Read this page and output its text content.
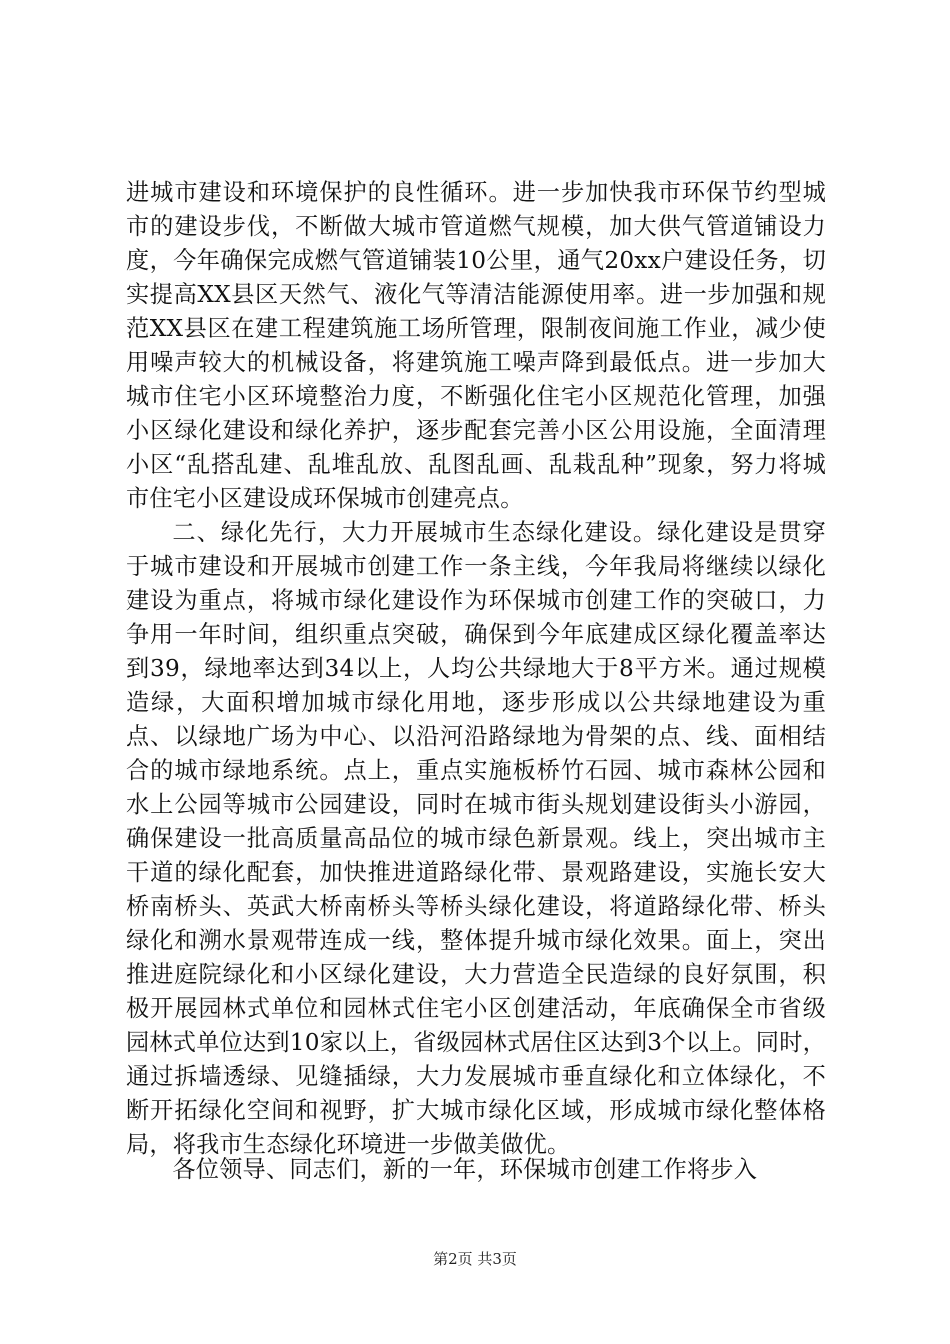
进城市建设和环境保护的良性循环。进一步加快我市环保节约型城市的建设步伐，不断做大城市管道燃气规模，加大供气管道铺设力度，今年确保完成燃气管道铺装10公里，通气20xx户建设任务，切实提高XX县区天然气、液化气等清洁能源使用率。进一步加强和规范XX县区在建工程建筑施工场所管理，限制夜间施工作业，减少使用噪声较大的机械设备，将建筑施工噪声降到最低点。进一步加大城市住宅小区环境整治力度，不断强化住宅小区规范化管理，加强小区绿化建设和绿化养护，逐步配套完善小区公用设施，全面清理小区“乱搭乱建、乱堆乱放、乱图乱画、乱栽乱种”现象，努力将城市住宅小区建设成环保城市创建亮点。

二、绿化先行，大力开展城市生态绿化建设。绿化建设是贯穿于城市建设和开展城市创建工作一条主线，今年我局将继续以绿化建设为重点，将城市绿化建设作为环保城市创建工作的突破口，力争用一年时间，组织重点突破，确保到今年底建成区绿化覆盖率达到39，绿地率达到34以上，人均公共绿地大于8平方米。通过规模造绿，大面积增加城市绿化用地，逐步形成以公共绿地建设为重点、以绿地广场为中心、以沿河沿路绿地为骨架的点、线、面相结合的城市绿地系统。点上，重点实施板桥竹石园、城市森林公园和水上公园等城市公园建设，同时在城市街头规划建设街头小游园，确保建设一批高质量高品位的城市绿色新景观。线上，突出城市主干道的绿化配套，加快推进道路绿化带、景观路建设，实施长安大桥南桥头、英武大桥南桥头等桥头绿化建设，将道路绿化带、桥头绿化和溯水景观带连成一线，整体提升城市绿化效果。面上，突出推进庭院绿化和小区绿化建设，大力营造全民造绿的良好氛围，积极开展园林式单位和园林式住宅小区创建活动，年底确保全市省级园林式单位达到10家以上，省级园林式居住区达到3个以上。同时，通过拆墙透绿、见缝插绿，大力发展城市垂直绿化和立体绿化，不断开拓绿化空间和视野，扩大城市绿化区域，形成城市绿化整体格局，将我市生态绿化环境进一步做美做优。

各位领导、同志们，新的一年，环保城市创建工作将步入

第2页 共3页
